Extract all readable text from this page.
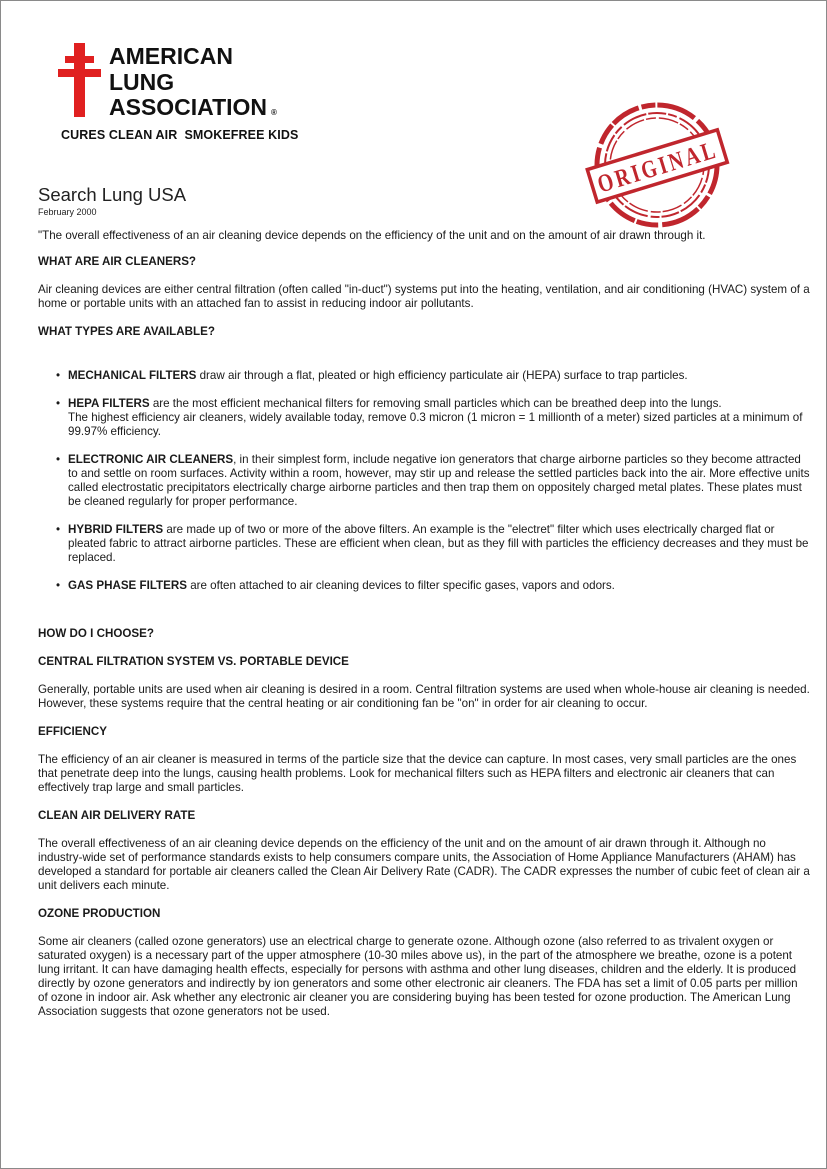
AMERICAN
LUNG
ASSOCIATION ®
CURES CLEAN AIR  SMOKEFREE KIDS	ORIGINAL
Search Lung USA
February 2000

"The overall effectiveness of an air cleaning device depends on the efficiency of the unit and on the amount of air drawn through it.

WHAT ARE AIR CLEANERS?

Air cleaning devices are either central filtration (often called "in-duct") systems put into the heating, ventilation, and air conditioning (HVAC) system of a home or portable units with an attached fan to assist in reducing indoor air pollutants.

WHAT TYPES ARE AVAILABLE?
• MECHANICAL FILTERS draw air through a flat, pleated or high efficiency particulate air (HEPA) surface to trap particles.
• HEPA FILTERS are the most efficient mechanical filters for removing small particles which can be breathed deep into the lungs.
The highest efficiency air cleaners, widely available today, remove 0.3 micron (1 micron = 1 millionth of a meter) sized particles at a minimum of 99.97% efficiency.
• ELECTRONIC AIR CLEANERS, in their simplest form, include negative ion generators that charge airborne particles so they become attracted to and settle on room surfaces. Activity within a room, however, may stir up and release the settled particles back into the air. More effective units called electrostatic precipitators electrically charge airborne particles and then trap them on oppositely charged metal plates. These plates must be cleaned regularly for proper performance.
• HYBRID FILTERS are made up of two or more of the above filters. An example is the "electret" filter which uses electrically charged flat or pleated fabric to attract airborne particles. These are efficient when clean, but as they fill with particles the efficiency decreases and they must be replaced.
• GAS PHASE FILTERS are often attached to air cleaning devices to filter specific gases, vapors and odors.
HOW DO I CHOOSE?
CENTRAL FILTRATION SYSTEM VS. PORTABLE DEVICE

Generally, portable units are used when air cleaning is desired in a room. Central filtration systems are used when whole-house air cleaning is needed. However, these systems require that the central heating or air conditioning fan be "on" in order for air cleaning to occur.

EFFICIENCY

The efficiency of an air cleaner is measured in terms of the particle size that the device can capture. In most cases, very small particles are the ones that penetrate deep into the lungs, causing health problems. Look for mechanical filters such as HEPA filters and electronic air cleaners that can effectively trap large and small particles.

CLEAN AIR DELIVERY RATE

The overall effectiveness of an air cleaning device depends on the efficiency of the unit and on the amount of air drawn through it. Although no industry-wide set of performance standards exists to help consumers compare units, the Association of Home Appliance Manufacturers (AHAM) has developed a standard for portable air cleaners called the Clean Air Delivery Rate (CADR). The CADR expresses the number of cubic feet of clean air a unit delivers each minute.

OZONE PRODUCTION

Some air cleaners (called ozone generators) use an electrical charge to generate ozone. Although ozone (also referred to as trivalent oxygen or saturated oxygen) is a necessary part of the upper atmosphere (10-30 miles above us), in the part of the atmosphere we breathe, ozone is a potent lung irritant. It can have damaging health effects, especially for persons with asthma and other lung diseases, children and the elderly. It is produced directly by ozone generators and indirectly by ion generators and some other electronic air cleaners. The FDA has set a limit of 0.05 parts per million of ozone in indoor air. Ask whether any electronic air cleaner you are considering buying has been tested for ozone production. The American Lung Association suggests that ozone generators not be used.
